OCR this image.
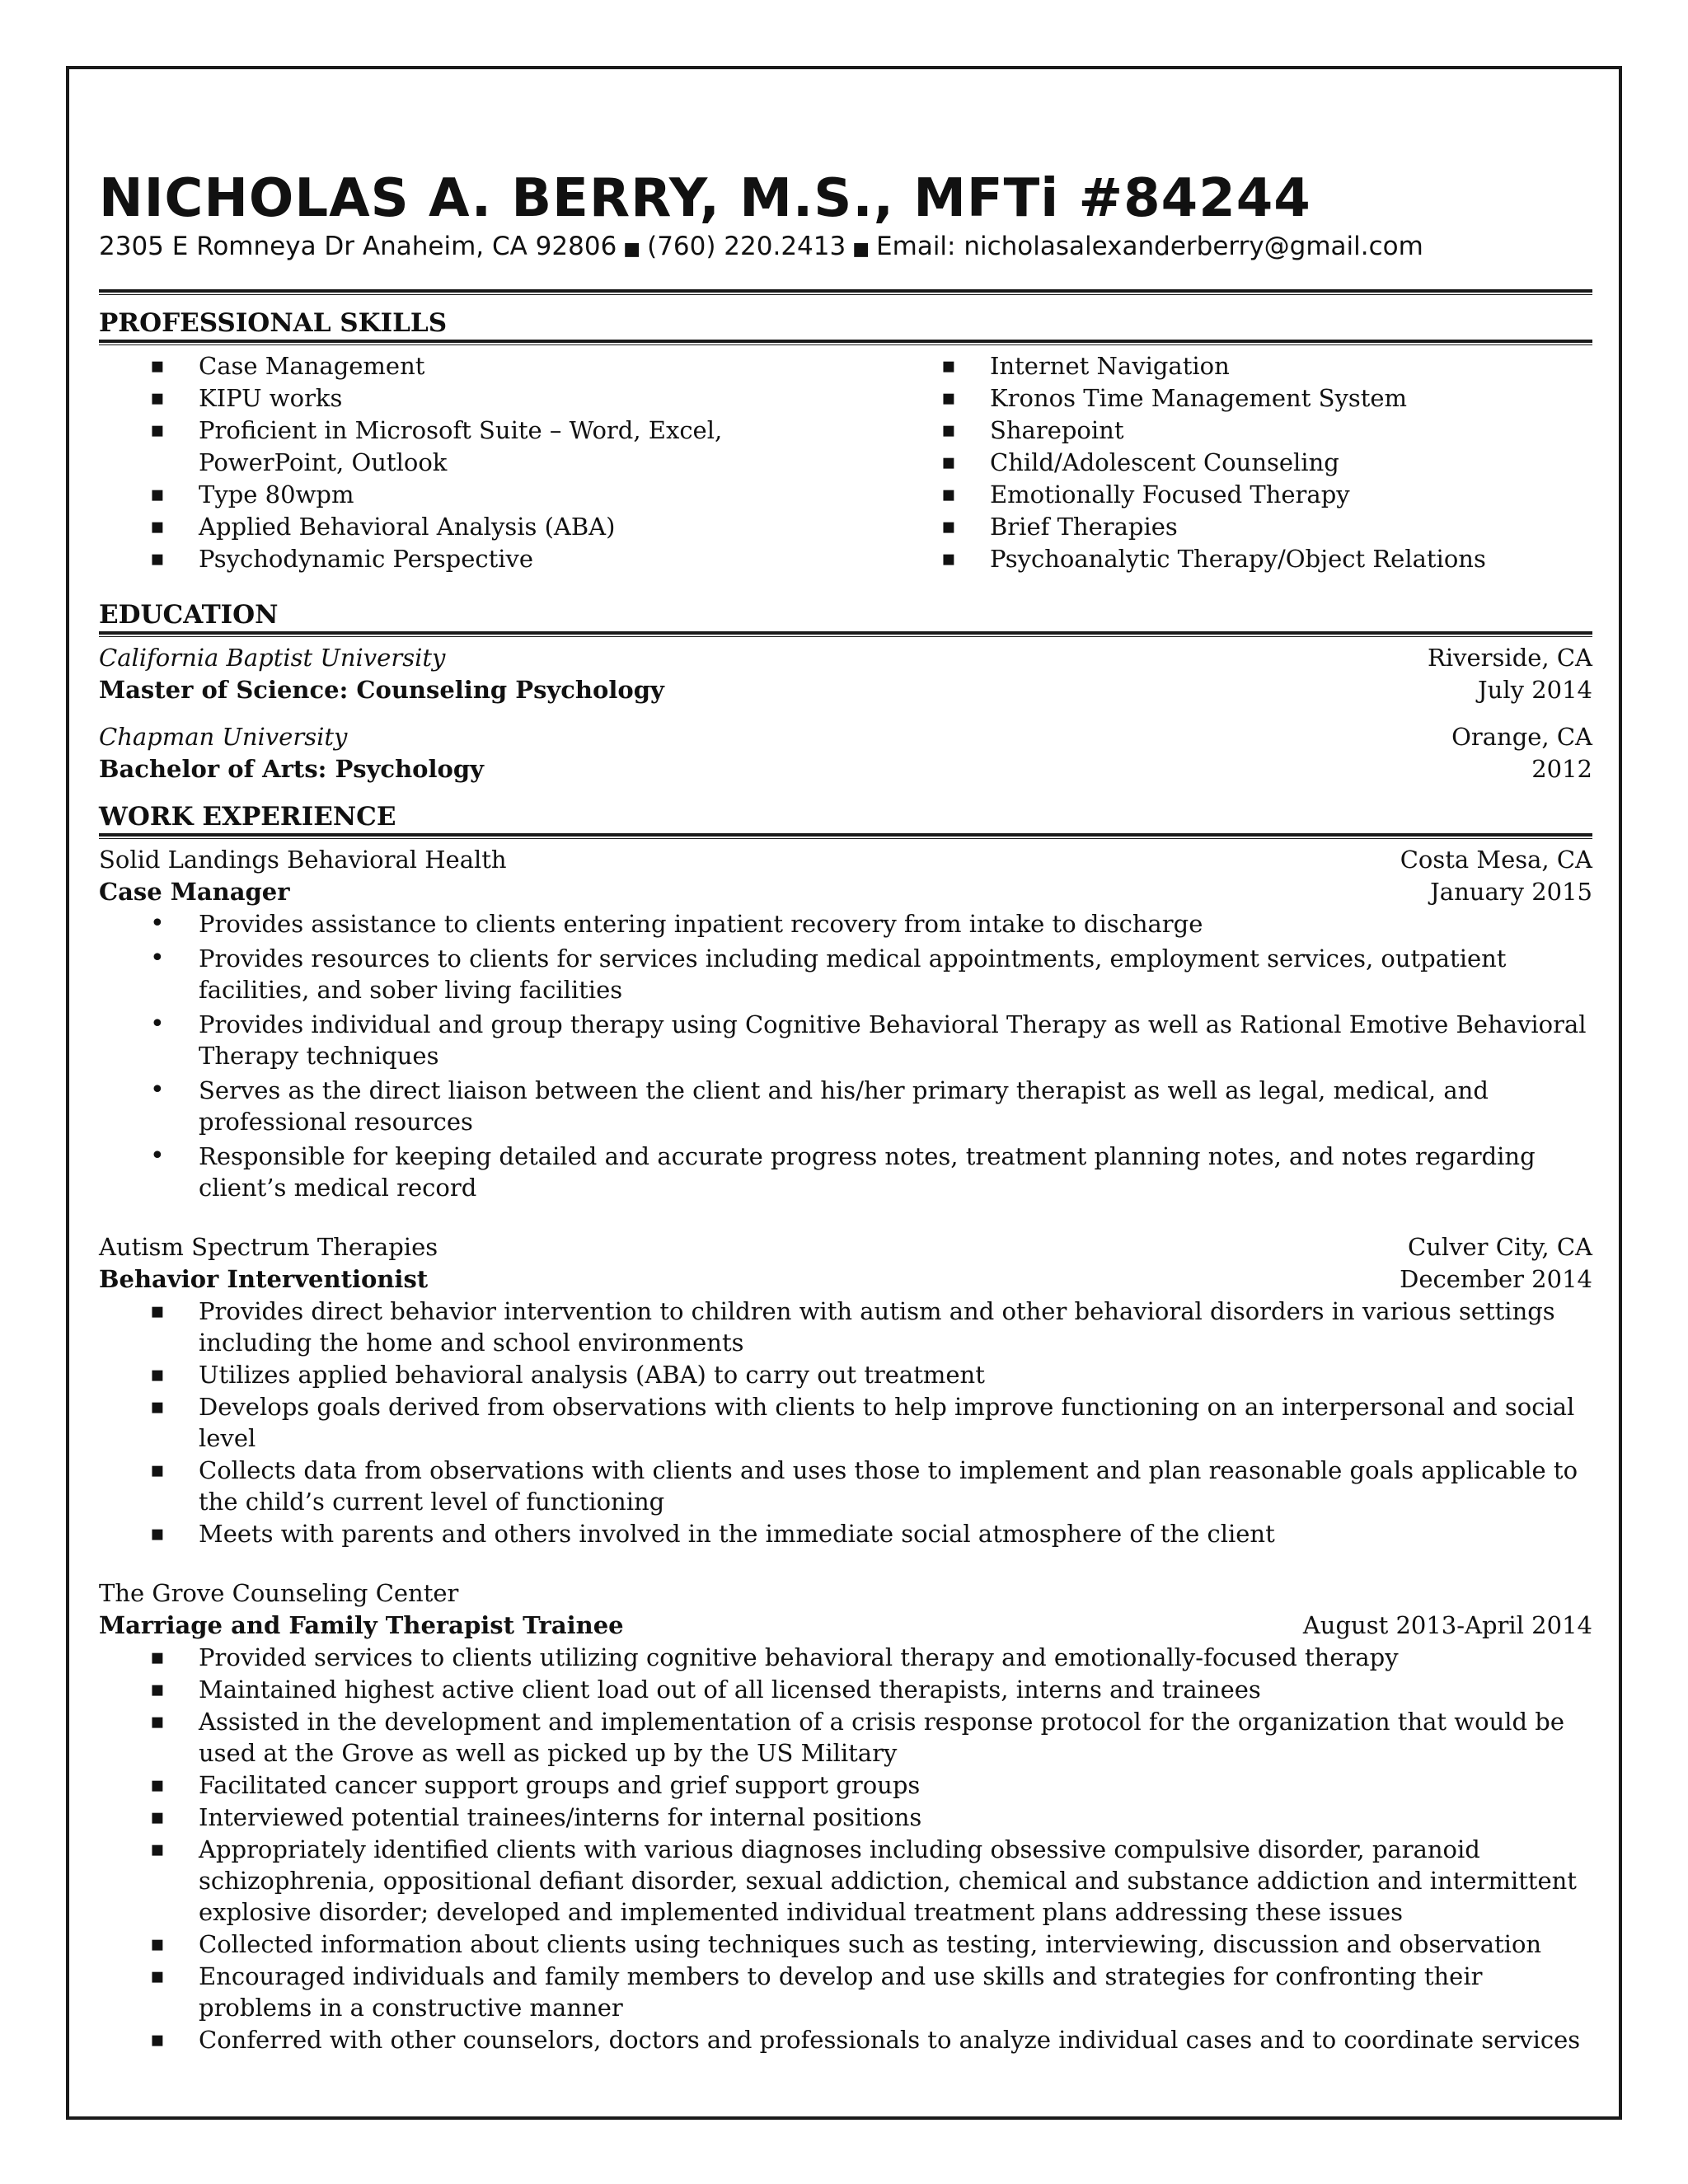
NICHOLAS A. BERRY, M.S., MFTi #84244
2305 E Romneya Dr Anaheim, CA 92806 ■ (760) 220.2413 ■ Email: nicholasalexanderberry@gmail.com
PROFESSIONAL SKILLS
▪ Case Management
▪ KIPU works
▪ Proficient in Microsoft Suite – Word, Excel, PowerPoint, Outlook
▪ Type 80wpm
▪ Applied Behavioral Analysis (ABA)
▪ Psychodynamic Perspective
▪ Internet Navigation
▪ Kronos Time Management System
▪ Sharepoint
▪ Child/Adolescent Counseling
▪ Emotionally Focused Therapy
▪ Brief Therapies
▪ Psychoanalytic Therapy/Object Relations
EDUCATION
California Baptist University	Riverside, CA
Master of Science: Counseling Psychology	July 2014
Chapman University	Orange, CA
Bachelor of Arts: Psychology	2012
WORK EXPERIENCE
Solid Landings Behavioral Health	Costa Mesa, CA
Case Manager	January 2015
• Provides assistance to clients entering inpatient recovery from intake to discharge
• Provides resources to clients for services including medical appointments, employment services, outpatient facilities, and sober living facilities
• Provides individual and group therapy using Cognitive Behavioral Therapy as well as Rational Emotive Behavioral Therapy techniques
• Serves as the direct liaison between the client and his/her primary therapist as well as legal, medical, and professional resources
• Responsible for keeping detailed and accurate progress notes, treatment planning notes, and notes regarding client’s medical record
Autism Spectrum Therapies	Culver City, CA
Behavior Interventionist	December 2014
▪ Provides direct behavior intervention to children with autism and other behavioral disorders in various settings including the home and school environments
▪ Utilizes applied behavioral analysis (ABA) to carry out treatment
▪ Develops goals derived from observations with clients to help improve functioning on an interpersonal and social level
▪ Collects data from observations with clients and uses those to implement and plan reasonable goals applicable to the child’s current level of functioning
▪ Meets with parents and others involved in the immediate social atmosphere of the client
The Grove Counseling Center
Marriage and Family Therapist Trainee	August 2013-April 2014
▪ Provided services to clients utilizing cognitive behavioral therapy and emotionally-focused therapy
▪ Maintained highest active client load out of all licensed therapists, interns and trainees
▪ Assisted in the development and implementation of a crisis response protocol for the organization that would be used at the Grove as well as picked up by the US Military
▪ Facilitated cancer support groups and grief support groups
▪ Interviewed potential trainees/interns for internal positions
▪ Appropriately identified clients with various diagnoses including obsessive compulsive disorder, paranoid schizophrenia, oppositional defiant disorder, sexual addiction, chemical and substance addiction and intermittent explosive disorder; developed and implemented individual treatment plans addressing these issues
▪ Collected information about clients using techniques such as testing, interviewing, discussion and observation
▪ Encouraged individuals and family members to develop and use skills and strategies for confronting their problems in a constructive manner
▪ Conferred with other counselors, doctors and professionals to analyze individual cases and to coordinate services
